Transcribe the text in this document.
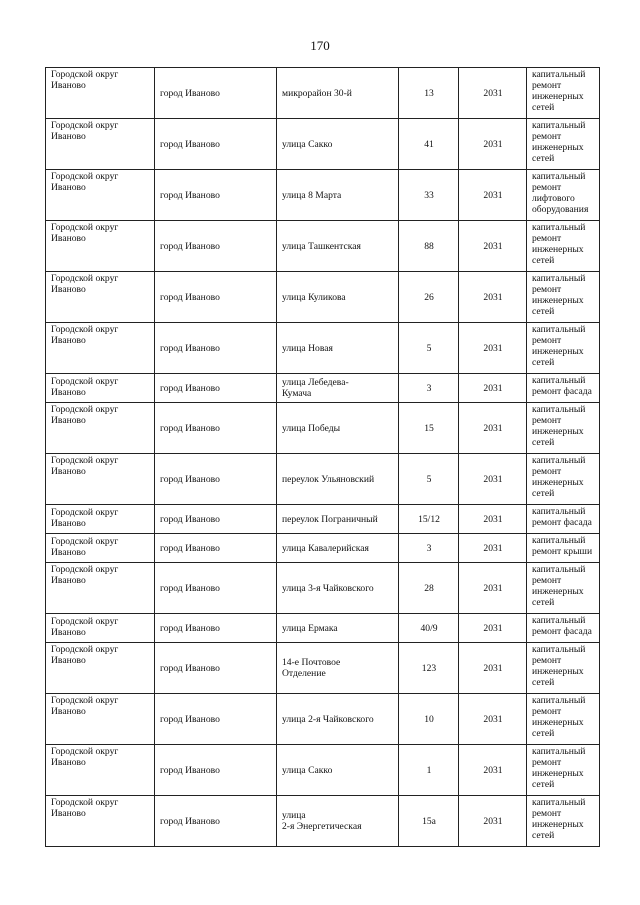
170
Городской округ
Иваново	город Иваново	микрорайон 30-й	13	2031	капитальный
ремонт
инженерных
сетей
Городской округ
Иваново	город Иваново	улица Сакко	41	2031	капитальный
ремонт
инженерных
сетей
Городской округ
Иваново	город Иваново	улица 8 Марта	33	2031	капитальный
ремонт
лифтового
оборудования
Городской округ
Иваново	город Иваново	улица Ташкентская	88	2031	капитальный
ремонт
инженерных
сетей
Городской округ
Иваново	город Иваново	улица Куликова	26	2031	капитальный
ремонт
инженерных
сетей
Городской округ
Иваново	город Иваново	улица Новая	5	2031	капитальный
ремонт
инженерных
сетей
Городской округ
Иваново	город Иваново	улица Лебедева-
Кумача	3	2031	капитальный
ремонт фасада
Городской округ
Иваново	город Иваново	улица Победы	15	2031	капитальный
ремонт
инженерных
сетей
Городской округ
Иваново	город Иваново	переулок Ульяновский	5	2031	капитальный
ремонт
инженерных
сетей
Городской округ
Иваново	город Иваново	переулок Пограничный	15/12	2031	капитальный
ремонт фасада
Городской округ
Иваново	город Иваново	улица Кавалерийская	3	2031	капитальный
ремонт крыши
Городской округ
Иваново	город Иваново	улица 3-я Чайковского	28	2031	капитальный
ремонт
инженерных
сетей
Городской округ
Иваново	город Иваново	улица Ермака	40/9	2031	капитальный
ремонт фасада
Городской округ
Иваново	город Иваново	14-е Почтовое
Отделение	123	2031	капитальный
ремонт
инженерных
сетей
Городской округ
Иваново	город Иваново	улица 2-я Чайковского	10	2031	капитальный
ремонт
инженерных
сетей
Городской округ
Иваново	город Иваново	улица Сакко	1	2031	капитальный
ремонт
инженерных
сетей
Городской округ
Иваново	город Иваново	улица
2-я Энергетическая	15а	2031	капитальный
ремонт
инженерных
сетей
